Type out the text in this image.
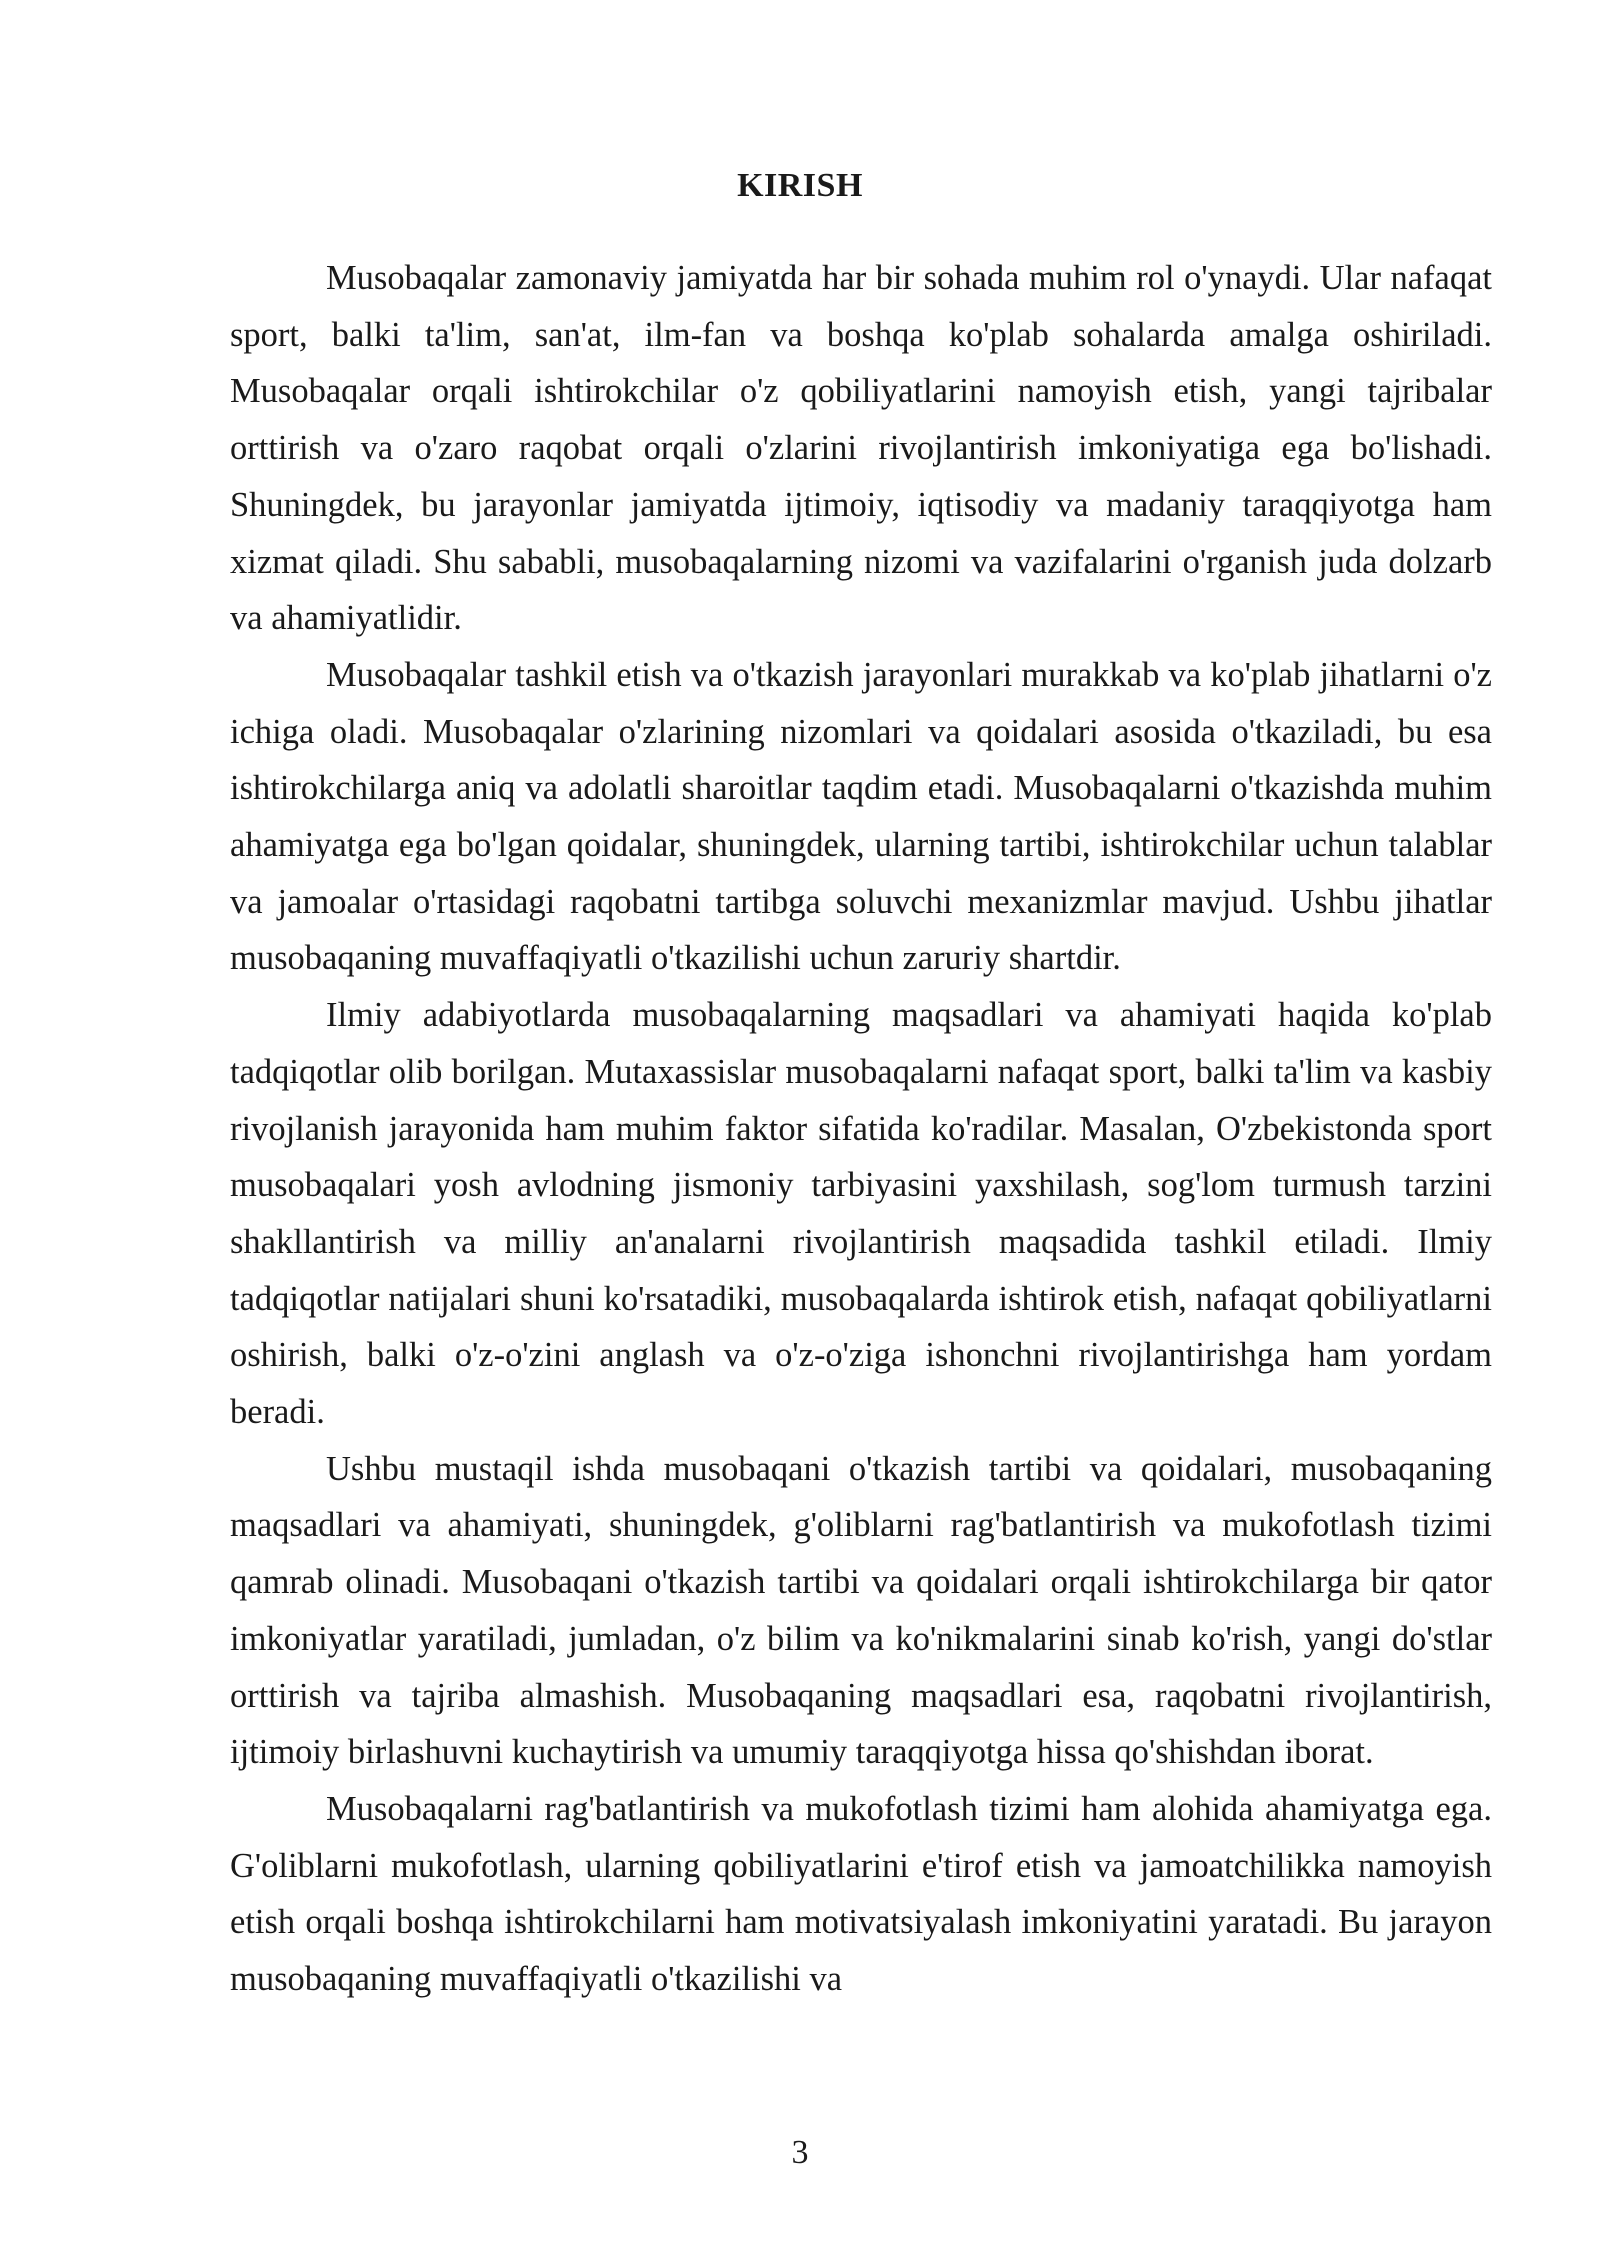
KIRISH

Musobaqalar zamonaviy jamiyatda har bir sohada muhim rol o'ynaydi. Ular nafaqat sport, balki ta'lim, san'at, ilm-fan va boshqa ko'plab sohalarda amalga oshiriladi. Musobaqalar orqali ishtirokchilar o'z qobiliyatlarini namoyish etish, yangi tajribalar orttirish va o'zaro raqobat orqali o'zlarini rivojlantirish imkoniyatiga ega bo'lishadi. Shuningdek, bu jarayonlar jamiyatda ijtimoiy, iqtisodiy va madaniy taraqqiyotga ham xizmat qiladi. Shu sababli, musobaqalarning nizomi va vazifalarini o'rganish juda dolzarb va ahamiyatlidir.

Musobaqalar tashkil etish va o'tkazish jarayonlari murakkab va ko'plab jihatlarni o'z ichiga oladi. Musobaqalar o'zlarining nizomlari va qoidalari asosida o'tkaziladi, bu esa ishtirokchilarga aniq va adolatli sharoitlar taqdim etadi. Musobaqalarni o'tkazishda muhim ahamiyatga ega bo'lgan qoidalar, shuningdek, ularning tartibi, ishtirokchilar uchun talablar va jamoalar o'rtasidagi raqobatni tartibga soluvchi mexanizmlar mavjud. Ushbu jihatlar musobaqaning muvaffaqiyatli o'tkazilishi uchun zaruriy shartdir.

Ilmiy adabiyotlarda musobaqalarning maqsadlari va ahamiyati haqida ko'plab tadqiqotlar olib borilgan. Mutaxassislar musobaqalarni nafaqat sport, balki ta'lim va kasbiy rivojlanish jarayonida ham muhim faktor sifatida ko'radilar. Masalan, O'zbekistonda sport musobaqalari yosh avlodning jismoniy tarbiyasini yaxshilash, sog'lom turmush tarzini shakllantirish va milliy an'analarni rivojlantirish maqsadida tashkil etiladi. Ilmiy tadqiqotlar natijalari shuni ko'rsatadiki, musobaqalarda ishtirok etish, nafaqat qobiliyatlarni oshirish, balki o'z-o'zini anglash va o'z-o'ziga ishonchni rivojlantirishga ham yordam beradi.

Ushbu mustaqil ishda musobaqani o'tkazish tartibi va qoidalari, musobaqaning maqsadlari va ahamiyati, shuningdek, g'oliblarni rag'batlantirish va mukofotlash tizimi qamrab olinadi. Musobaqani o'tkazish tartibi va qoidalari orqali ishtirokchilarga bir qator imkoniyatlar yaratiladi, jumladan, o'z bilim va ko'nikmalarini sinab ko'rish, yangi do'stlar orttirish va tajriba almashish. Musobaqaning maqsadlari esa, raqobatni rivojlantirish, ijtimoiy birlashuvni kuchaytirish va umumiy taraqqiyotga hissa qo'shishdan iborat.

Musobaqalarni rag'batlantirish va mukofotlash tizimi ham alohida ahamiyatga ega. G'oliblarni mukofotlash, ularning qobiliyatlarini e'tirof etish va jamoatchilikka namoyish etish orqali boshqa ishtirokchilarni ham motivatsiyalash imkoniyatini yaratadi. Bu jarayon musobaqaning muvaffaqiyatli o'tkazilishi va

3
